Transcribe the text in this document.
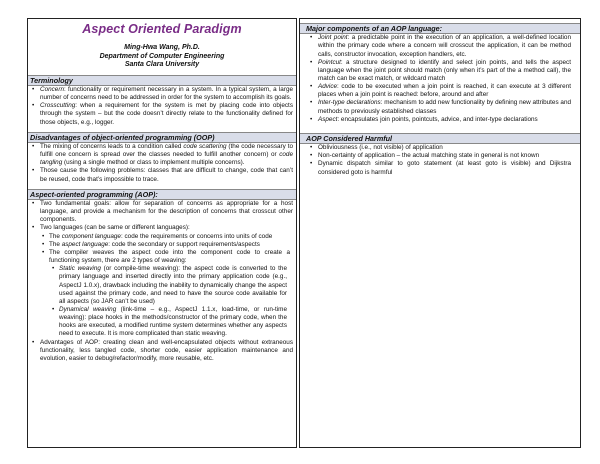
Aspect Oriented Paradigm
Ming-Hwa Wang, Ph.D.
Department of Computer Engineering
Santa Clara University
Terminology
• Concern: functionality or requirement necessary in a system. In a typical system, a large number of concerns need to be addressed in order for the system to accomplish its goals.
• Crosscutting: when a requirement for the system is met by placing code into objects through the system – but the code doesn’t directly relate to the functionality defined for those objects, e.g., logger.
Disadvantages of object-oriented programming (OOP)
• The mixing of concerns leads to a condition called code scattering (the code necessary to fulfill one concern is spread over the classes needed to fulfill another concern) or code tangling (using a single method or class to implement multiple concerns).
• Those cause the following problems: classes that are difficult to change, code that can’t be reused, code that’s impossible to trace.
Aspect-oriented programming (AOP):
• Two fundamental goals: allow for separation of concerns as appropriate for a host language, and provide a mechanism for the description of concerns that crosscut other components.
• Two languages (can be same or different languages):
• The component language: code the requirements or concerns into units of code
• The aspect language: code the secondary or support requirements/aspects
• The compiler weaves the aspect code into the component code to create a functioning system, there are 2 types of weaving:
• Static weaving (or compile-time weaving): the aspect code is converted to the primary language and inserted directly into the primary application code (e.g., AspectJ 1.0.x), drawback including the inability to dynamically change the aspect used against the primary code, and need to have the source code available for all aspects (so JAR can’t be used)
• Dynamical weaving (link-time – e.g., AspectJ 1.1.x, load-time, or run-time weaving): place hooks in the methods/constructor of the primary code, when the hooks are executed, a modified runtime system determines whether any aspects need to execute. It is more complicated than static weaving.
• Advantages of AOP: creating clean and well-encapsulated objects without extraneous functionality, less tangled code, shorter code, easier application maintenance and evolution, easier to debug/refactor/modify, more reusable, etc.
Major components of an AOP language:
• Joint point: a predictable point in the execution of an application, a well-defined location within the primary code where a concern will crosscut the application, it can be method calls, constructor invocation, exception handlers, etc.
• Pointcut: a structure designed to identify and select join points, and tells the aspect language when the joint point should match (only when it’s part of the a method call), the match can be exact match, or wildcard match
• Advice: code to be executed when a join point is reached, it can execute at 3 different places when a join point is reached: before, around and after
• Inter-type declarations: mechanism to add new functionality by defining new attributes and methods to previously established classes
• Aspect: encapsulates join points, pointcuts, advice, and inter-type declarations
AOP Considered Harmful
• Obliviousness (i.e., not visible) of application
• Non-certainty of application – the actual matching state in general is not known
• Dynamic dispatch similar to goto statement (at least goto is visible) and Dijkstra considered goto is harmful
